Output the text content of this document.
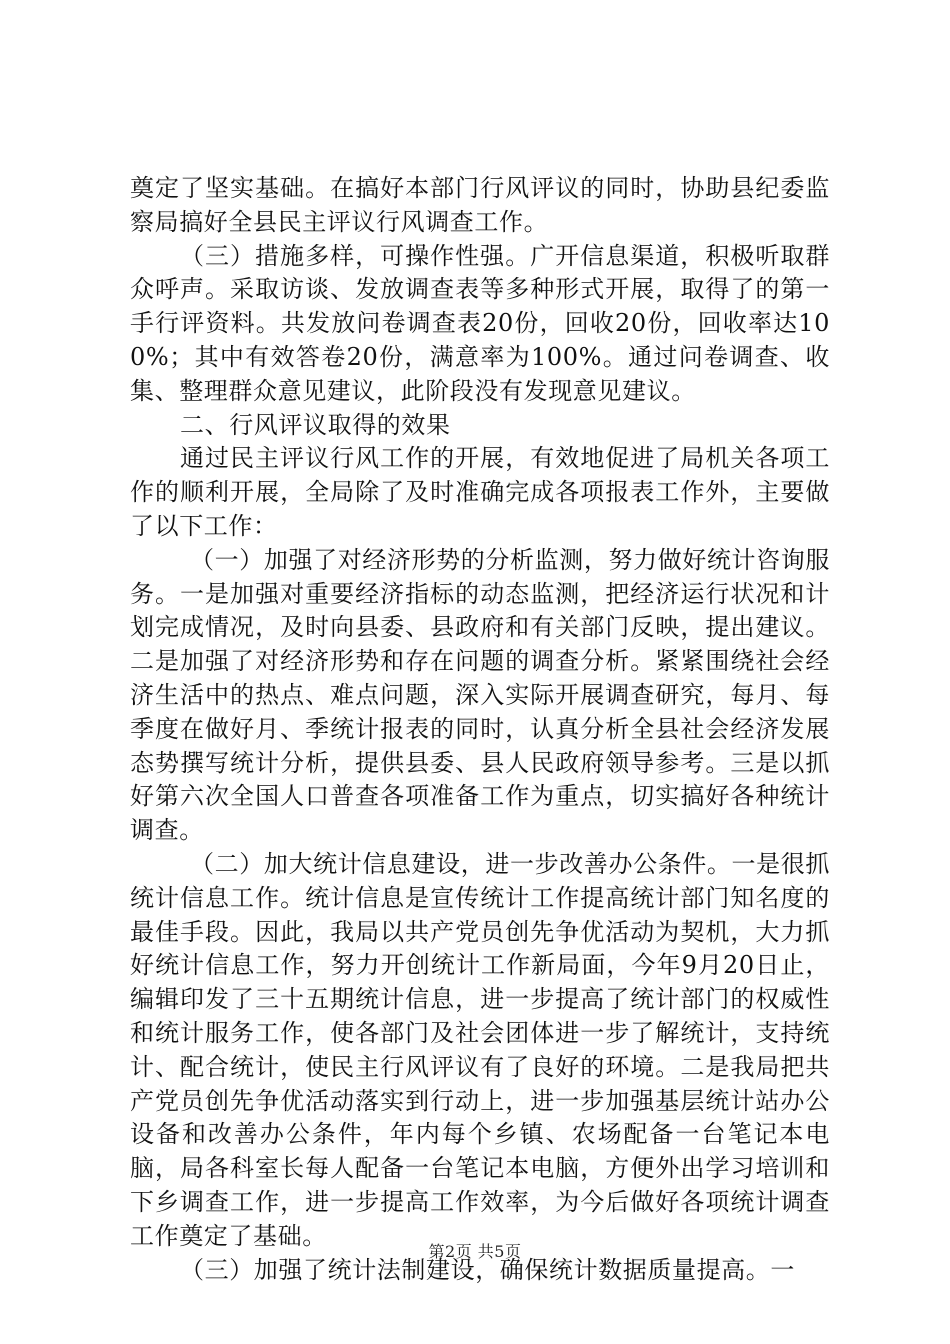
奠定了坚实基础。在搞好本部门行风评议的同时，协助县纪委监察局搞好全县民主评议行风调查工作。

（三）措施多样，可操作性强。广开信息渠道，积极听取群众呼声。采取访谈、发放调查表等多种形式开展，取得了的第一手行评资料。共发放问卷调查表20份，回收20份，回收率达100%；其中有效答卷20份，满意率为100%。通过问卷调查、收集、整理群众意见建议，此阶段没有发现意见建议。

二、行风评议取得的效果

通过民主评议行风工作的开展，有效地促进了局机关各项工作的顺利开展，全局除了及时准确完成各项报表工作外，主要做了以下工作：

（一）加强了对经济形势的分析监测，努力做好统计咨询服务。一是加强对重要经济指标的动态监测，把经济运行状况和计划完成情况，及时向县委、县政府和有关部门反映，提出建议。二是加强了对经济形势和存在问题的调查分析。紧紧围绕社会经济生活中的热点、难点问题，深入实际开展调查研究，每月、每季度在做好月、季统计报表的同时，认真分析全县社会经济发展态势撰写统计分析，提供县委、县人民政府领导参考。三是以抓好第六次全国人口普查各项准备工作为重点，切实搞好各种统计调查。

（二）加大统计信息建设，进一步改善办公条件。一是很抓统计信息工作。统计信息是宣传统计工作提高统计部门知名度的最佳手段。因此，我局以共产党员创先争优活动为契机，大力抓好统计信息工作，努力开创统计工作新局面，今年9月20日止，编辑印发了三十五期统计信息，进一步提高了统计部门的权威性和统计服务工作，使各部门及社会团体进一步了解统计，支持统计、配合统计，使民主行风评议有了良好的环境。二是我局把共产党员创先争优活动落实到行动上，进一步加强基层统计站办公设备和改善办公条件，年内每个乡镇、农场配备一台笔记本电脑，局各科室长每人配备一台笔记本电脑，方便外出学习培训和下乡调查工作，进一步提高工作效率，为今后做好各项统计调查工作奠定了基础。

（三）加强了统计法制建设，确保统计数据质量提高。一

第2页 共5页
